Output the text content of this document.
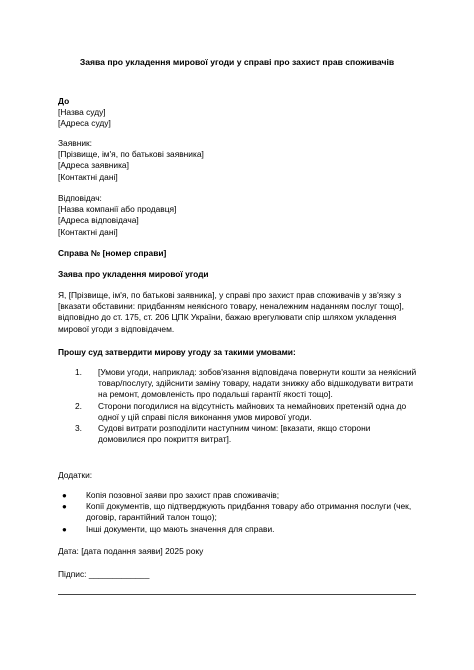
Заява про укладення мирової угоди у справі про захист прав споживачів
До
[Назва суду]
[Адреса суду]
Заявник:
[Прізвище, ім'я, по батькові заявника]
[Адреса заявника]
[Контактні дані]
Відповідач:
[Назва компанії або продавця]
[Адреса відповідача]
[Контактні дані]
Справа № [номер справи]
Заява про укладення мирової угоди
Я, [Прізвище, ім'я, по батькові заявника], у справі про захист прав споживачів у зв'язку з [вказати обставини: придбанням неякісного товару, неналежним наданням послуг тощо], відповідно до ст. 175, ст. 206 ЦПК України, бажаю врегулювати спір шляхом укладення мирової угоди з відповідачем.
Прошу суд затвердити мирову угоду за такими умовами:
1. [Умови угоди, наприклад: зобов'язання відповідача повернути кошти за неякісний товар/послугу, здійснити заміну товару, надати знижку або відшкодувати витрати на ремонт, домовленість про подальші гарантії якості тощо].
2. Сторони погодилися на відсутність майнових та немайнових претензій одна до одної у цій справі після виконання умов мирової угоди.
3. Судові витрати розподілити наступним чином: [вказати, якщо сторони домовилися про покриття витрат].
Додатки:
● Копія позовної заяви про захист прав споживачів;
● Копії документів, що підтверджують придбання товару або отримання послуги (чек, договір, гарантійний талон тощо);
● Інші документи, що мають значення для справи.
Дата: [дата подання заяви] 2025 року
Підпис: _____________
